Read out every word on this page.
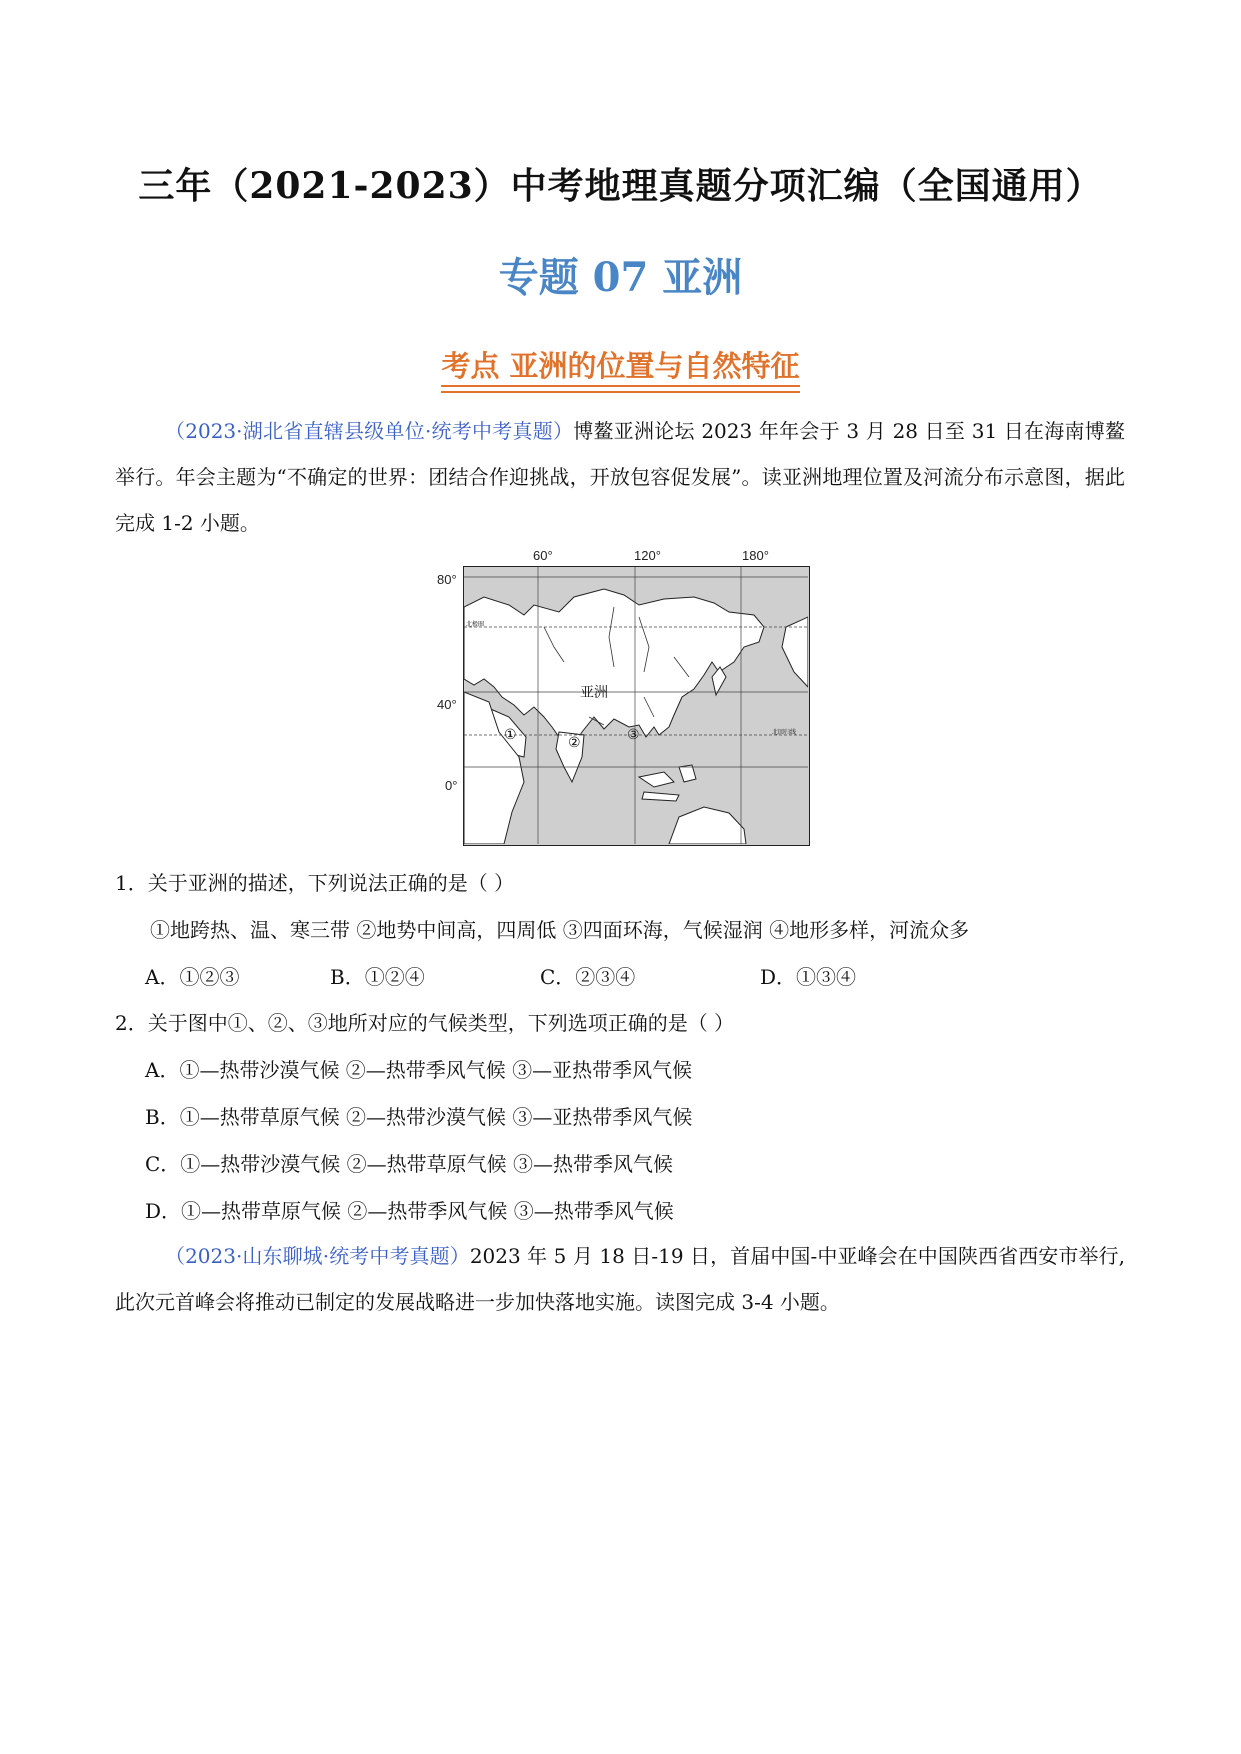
三年（2021-2023）中考地理真题分项汇编（全国通用）
专题 07 亚洲
考点 亚洲的位置与自然特征
（2023·湖北省直辖县级单位·统考中考真题）博鳌亚洲论坛 2023 年年会于 3 月 28 日至 31 日在海南博鳌举行。年会主题为“不确定的世界：团结合作迎挑战，开放包容促发展”。读亚洲地理位置及河流分布示意图，据此完成 1-2 小题。
60°	120°	180°
80°
40°
0°
北极圈
北回归线
亚洲
①	②	③
1．关于亚洲的描述，下列说法正确的是（ ）
①地跨热、温、寒三带 ②地势中间高，四周低 ③四面环海，气候湿润 ④地形多样，河流众多
A．①②③	B．①②④	C．②③④	D．①③④
2．关于图中①、②、③地所对应的气候类型，下列选项正确的是（ ）
A．①—热带沙漠气候 ②—热带季风气候 ③—亚热带季风气候
B．①—热带草原气候 ②—热带沙漠气候 ③—亚热带季风气候
C．①—热带沙漠气候 ②—热带草原气候 ③—热带季风气候
D．①—热带草原气候 ②—热带季风气候 ③—热带季风气候
（2023·山东聊城·统考中考真题）2023 年 5 月 18 日-19 日，首届中国-中亚峰会在中国陕西省西安市举行,此次元首峰会将推动已制定的发展战略进一步加快落地实施。读图完成 3-4 小题。
